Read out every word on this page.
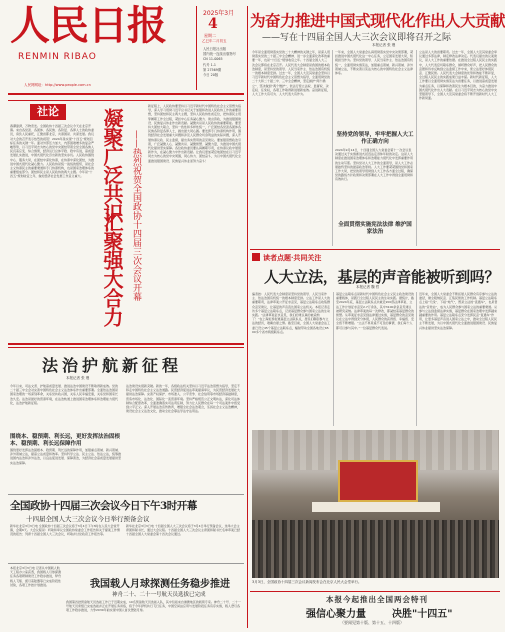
人民日报
RENMIN RIBAO
人民网网址：http://www.people.com.cn
2025年3月
4
星期二
乙巳年二月初五
人民日报社出版
国内统一连续出版物号
CN 11-0065
代号 1-1
第 27569期
今日 20版
为奋力推进中国式现代化作出人大贡献
——写在十四届全国人大三次会议即将召开之际
本报记者 张 璁
今年是全面贯彻落实党的二十大精神的关键之年，是深入贯彻落实党的二十届三中全会精神、进一步全面深化改革的重要一年，也是“十四五”规划收官之年。十四届全国人大三次会议即将在北京召开。人民代表大会制度是我国的根本政治制度，是坚持党的领导、人民当家作主、依法治国有机统一的根本制度安排。过去一年，全国人大及其常委会坚持以习近平新时代中国特色社会主义思想为指导，全面贯彻党的二十大和二十届二中、三中全会精神，坚定拥护“两个确立”、坚决做到“两个维护”，依法行使立法权、监督权、决定权、任免权，各项工作取得新进展新成效。奋进新征程，人大工作大有可为、人大代表大有作为。
一年来，全国人大常委会认真贯彻落实党中央决策部署，紧扣推进中国式现代化这一中心任务，立足国家发展大局，积极担当作为。坚持党的领导、人民当家作主、依法治国有机统一，全面贯彻实施宪法，加强重点领域、新兴领域、涉外领域立法，不断完善以宪法为核心的中国特色社会主义法律体系。
坚持党的领导，牢牢把握人大工作正确方向
2024年9月14日，十四届全国人大常委会第十一次会议表决通过关于实施渐进式延迟法定退休年龄的决定。这是人大制度在推进国家治理体系和治理能力现代化中发挥重要作用的生动写照。坚持党对人大工作的全面领导，是人大工作必须始终坚持的最高政治原则。人大工作要紧紧围绕党和国家工作大局，把党的领导贯彻到人大工作各方面全过程，确保党的路线方针政策和决策部署在人大工作中得到全面贯彻和有效执行。
立法是人大的首要职责。过去一年，全国人大及其常委会审议通过多部法律，制定修改法律决定。代表们提出的议案建议，是人大工作的重要依据。在推进全过程人民民主的实践中，人大代表密切联系群众，倾听群众呼声，把人民群众的意愿和诉求反映到立法监督工作中来，使立法更好体现民意、汇聚民智。人民代表大会制度的优势和效能不断彰显，全过程人民民主的实践成果日益丰富。新时代新征程，人大工作要以全面贯彻实施宪法为首要任务，以推进高质量发展为重点任务，以保障和改善民生为根本目的，为奋力推进中国式现代化作出人大贡献。在以习近平同志为核心的党中央坚强领导下，全国人大及其常委会将不断开创新时代人大工作新局面。
全面贯彻实施宪法法律 维护国家法治
社论
春潮澎湃，万物竞发。全国政协十四届三次会议今天在北京开幕。来自各党派、各团体、各民族、各阶层、各界人士的政协委员，肩负人民重托，汇聚首都北京，共商国是、共谋发展。我们对大会的召开表示热烈的祝贺！2024年是实现“十四五”规划目标任务的关键一年。面对外部压力加大、内部困难增多的复杂严峻形势，以习近平同志为核心的党中央团结带领全党全国各族人民沉着应变、综合施策，经济运行总体平稳、稳中有进，高质量发展扎实推进，中国式现代化迈出新的坚实步伐。人民政协围绕中心、服务大局，在团结中深化协商，在协商中深化团结，为推进中国式现代化凝心聚力。人民政协是统一战线的组织，是社会主义协商民主的重要渠道和专门协商机构，也是国家治理体系的重要组成部分。团结和民主是人民政协的两大主题。今年是“十四五”规划收官之年，做好经济社会发展工作意义重大。 凝聚广泛共识
汇聚强大合力 ——热烈祝贺全国政协十四届三次会议开幕
新征程上，人民政协要坚持以习近平新时代中国特色社会主义思想为指导，深入学习贯彻习近平总书记关于加强和改进人民政协工作的重要思想，坚持团结和民主两大主题，坚持人民政协性质定位，把协商民主贯穿履职工作全过程，紧扣中心任务凝心聚力、建言资政，为推进强国建设、民族复兴伟业作出新贡献。凝聚共识是人民政协的重要职能。要坚持大团结大联合，坚持一致性和多样性统一，广泛团结各党派各团体各民族各阶层各界人士，画出最大同心圆。要发挥专门协商机构作用，围绕经济社会发展重大问题和涉及人民群众切身利益的实际问题，深入开展协商议政、民主监督，提出务实管用的意见建议。要加强思想政治引领，广泛凝聚人心、凝聚共识、凝聚智慧、凝聚力量，为推进中国式现代化提供坚实保障。各位政协委员要认真履职尽责，在协商议政中展现新作为，在凝心聚力中作出新贡献。让我们更加紧密地团结在以习近平同志为核心的党中央周围，同心协力、团结奋斗，为以中国式现代化全面推进强国建设、民族复兴伟业而努力奋斗！
法治护航新征程
本报记者 张 璁
今年以来，司法文書、护航高质量发展、推进法治中国建设不断取得新成效。党的二十届三中全会对完善中国特色社会主义法治体系作出重要部署。全面依法治国是国家治理的一场深刻革命，关系党执政兴国，关系人民幸福安康，关系党和国家长治久安。法治是最好的营商环境，在法治轨道上推进国家治理体系和治理能力现代化，法治护航新征程。
围绕本、稳预期、利长远，更好发挥法治固根本、稳预期、利长远保障作用
围绕更好发挥法治固根本、稳预期、利长远的保障作用，加强重点领域、新兴领域、涉外领域立法，提高立法质量和效率。坚持科学立法、民主立法、依法立法，统筹推进国内法治和涉外法治，以良法促进发展、保障善治，为经济社会高质量发展提供坚实法治保障。
法治建设实现新突破。新的一年，各级政法机关坚持以习近平法治思想为指导，坚定不移走中国特色社会主义法治道路。民营经济促进法草案提请审议，为民营经济发展壮大提供法治保障。完善产权保护、市场准入、公平竞争、社会信用等市场经济基础制度，营造市场化、法治化、国际化一流营商环境。坚持严格规范公正文明执法，深化司法体制综合配套改革，全面准确落实司法责任制，努力让人民群众在每一个司法案件中感受到公平正义。深入开展法治宣传教育，增强全社会法治观念，弘扬社会主义法治精神，建设社会主义法治文化，推动全社会尊法学法守法用法。
全国政协十四届三次会议今日下午3时开幕
十四届全国人大三次会议今日举行预备会议
新华社北京3月3日电 全国政协十四届三次会议将于3月4日下午3时在人民大会堂开幕，会期6天。大会议程是：听取和审议全国政协常委会工作报告和关于提案工作情况的报告；列席十四届全国人大三次会议，听取并讨论政府工作报告等。
新华社北京3月3日电 十四届全国人大三次会议将于3月4日举行预备会议，选举大会主席团和秘书长，通过大会议程。十四届全国人大三次会议主席团和秘书长名单草案已经十四届全国人大常委会第十四次会议通过。
本报北京3月3日电 记者从中国载人航天工程办公室获悉，我国载人月球探测任务各项研制建设工作稳步推进，梦舟载人飞船、揽月着陆器等已完成阶段性试验，各项工作按计划推进。	我国载人月球探测任务稳步推进
神舟二十、二十一号航天员选拔已完成
我国第四批预备航天员选拔工作已于近期完成，10名预备航天员选拔入队，其中包括来自港澳地区的载荷专家。神舟二十号、二十一号航天员乘组已完成选拔并正在开展任务训练，将于今年择机执行飞行任务，中国空间站应用与发展阶段任务有序实施，载人登月各项工作稳步推进，力争2030年前实现中国人首次登陆月球。
读者点题·共同关注
人大立法，基层的声音能被听到吗？
本报记者 魏 哲
编者按：人民代表大会制度是坚持党的领导、人民当家作主、依法治国有机统一的根本制度安排。立法工作是人大的重要职责，法律草案公开征求意见，基层立法联系点收集群众意见建议，让基层的声音直达国家立法机关。本报记者走访多个基层立法联系点，记录基层群众参与国家立法的生动实践。“法律草案征求意见，我们的建议真的被采纳了！”在上海虹桥街道基层立法联系点，居民们聊起参与立法的经历，难掩自豪之情。截至目前，全国人大常委会法工委已设立45个基层立法联系点，辐射带动全国各地设立6500多个省市两级联系点。
基层立法联系点是新时代中国特色社会主义民主政治建设的重要载体，是践行全过程人民民主的生动实践。据统计，截至2024年底，基层立法联系点共就近200部法律草案、立法工作计划征求意见2.7万余条，其中3100余条意见建议被研究采纳。法律草案的每一次修改，都凝结着基层群众的智慧。从草案征求意见到法律通过实施，基层群众的意见建议在立法中得到充分体现，人民群众的获得感、幸福感、安全感不断增强。“立法不再是遥不可及的事情，我们每个人都可以参与其中。”一位基层群众代表说。
近年来，全国人大常委会不断拓展人民群众有序参与立法的途径，健全吸纳民意、汇集民智的工作机制。基层立法联系点上接“天线”、下接“地气”，既是立法的“直通车”，也是普法的“宣传站”，成为人民群众参与国家立法的重要渠道。从参与立法到监督法律实施，基层群众在国家治理中发挥越来越重要的作用。基层立法联系点充分发挥民意“直通车”作用，让更多基层声音进入国家立法之中，推动全过程人民民主不断发展，为以中国式现代化全面推进强国建设、民族复兴伟业提供坚实法治保障。
3月3日，全国政协十四届三次会议新闻发布会在北京人民大会堂举行。
本报今起推出全国两会特刊
强信心聚力量	决胜"十四五"
（要闻见第十版、第十五、十四版）
